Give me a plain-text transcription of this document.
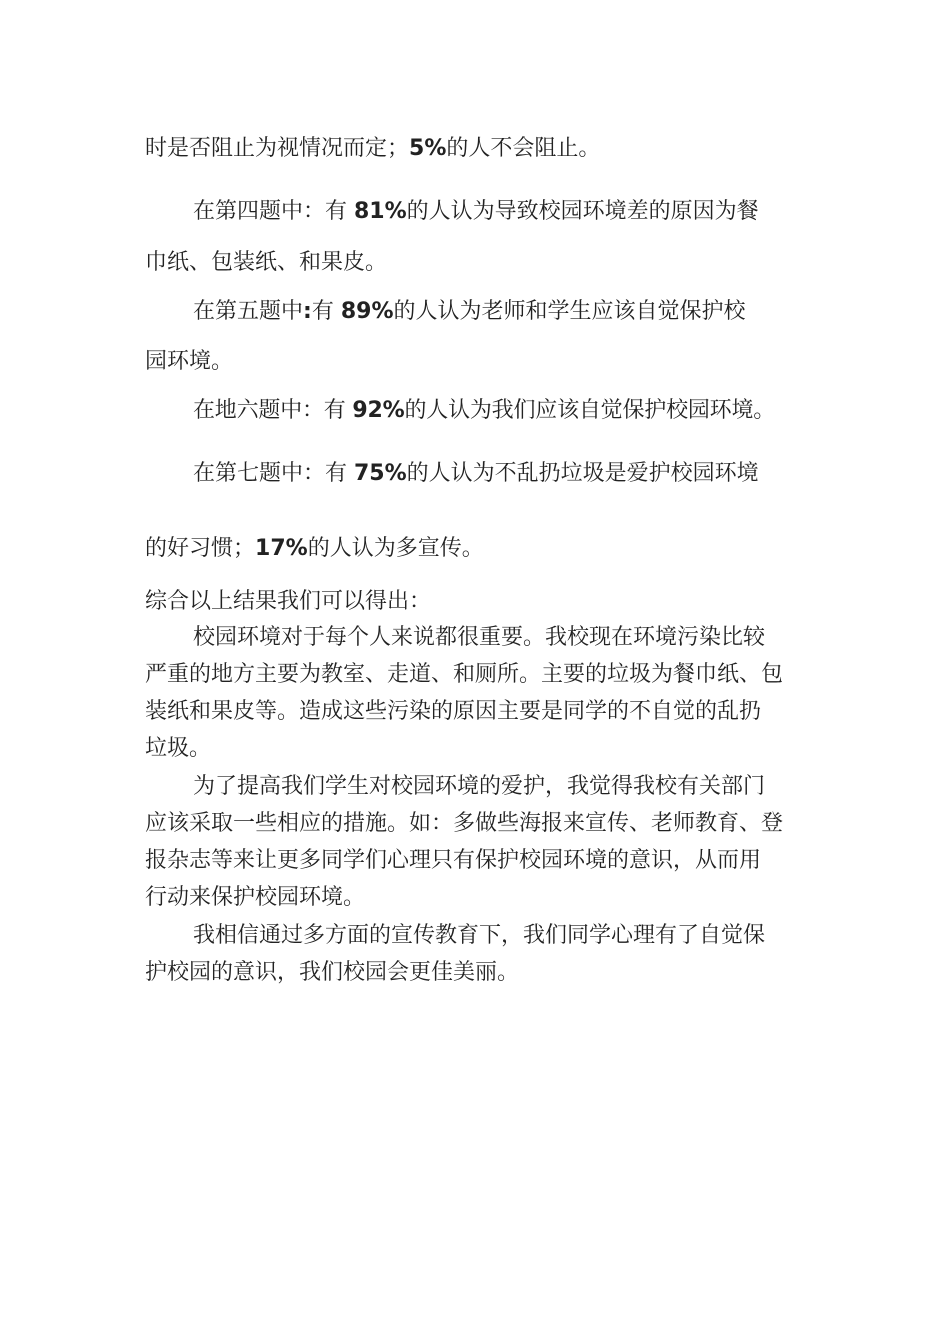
时是否阻止为视情况而定；5%的人不会阻止。

在第四题中：有 81%的人认为导致校园环境差的原因为餐

巾纸、包装纸、和果皮。

在第五题中:有 89%的人认为老师和学生应该自觉保护校

园环境。

在地六题中：有 92%的人认为我们应该自觉保护校园环境。

在第七题中：有 75%的人认为不乱扔垃圾是爱护校园环境

的好习惯；17%的人认为多宣传。

综合以上结果我们可以得出：

校园环境对于每个人来说都很重要。我校现在环境污染比较

严重的地方主要为教室、走道、和厕所。主要的垃圾为餐巾纸、包

装纸和果皮等。造成这些污染的原因主要是同学的不自觉的乱扔

垃圾。

为了提高我们学生对校园环境的爱护，我觉得我校有关部门

应该采取一些相应的措施。如：多做些海报来宣传、老师教育、登

报杂志等来让更多同学们心理只有保护校园环境的意识，从而用

行动来保护校园环境。

我相信通过多方面的宣传教育下，我们同学心理有了自觉保

护校园的意识，我们校园会更佳美丽。
